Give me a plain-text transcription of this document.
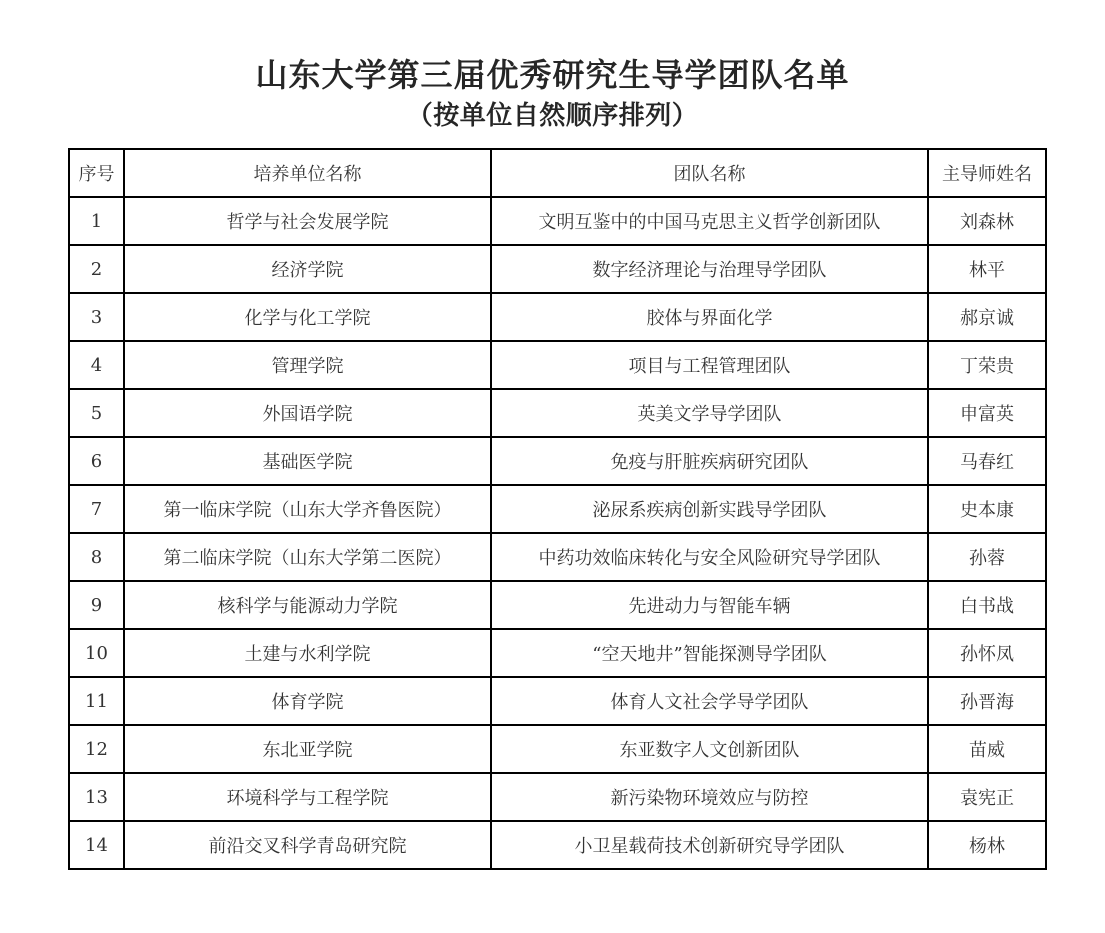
山东大学第三届优秀研究生导学团队名单
（按单位自然顺序排列）
序号	培养单位名称	团队名称	主导师姓名
1	哲学与社会发展学院	文明互鉴中的中国马克思主义哲学创新团队	刘森林
2	经济学院	数字经济理论与治理导学团队	林平
3	化学与化工学院	胶体与界面化学	郝京诚
4	管理学院	项目与工程管理团队	丁荣贵
5	外国语学院	英美文学导学团队	申富英
6	基础医学院	免疫与肝脏疾病研究团队	马春红
7	第一临床学院（山东大学齐鲁医院）	泌尿系疾病创新实践导学团队	史本康
8	第二临床学院（山东大学第二医院）	中药功效临床转化与安全风险研究导学团队	孙蓉
9	核科学与能源动力学院	先进动力与智能车辆	白书战
10	土建与水利学院	“空天地井”智能探测导学团队	孙怀凤
11	体育学院	体育人文社会学导学团队	孙晋海
12	东北亚学院	东亚数字人文创新团队	苗威
13	环境科学与工程学院	新污染物环境效应与防控	袁宪正
14	前沿交叉科学青岛研究院	小卫星载荷技术创新研究导学团队	杨林
